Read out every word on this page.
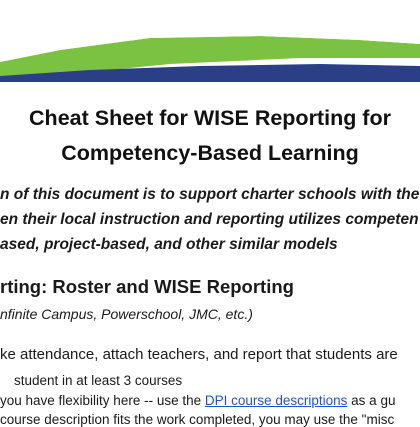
Cheat Sheet for WISE Reporting for
Competency-Based Learning
n of this document is to support charter schools with the
en their local instruction and reporting utilizes competen
ased, project-based, and other similar models
rting: Roster and WISE Reporting
nfinite Campus, Powerschool, JMC, etc.)
ke attendance, attach teachers, and report that students are
student in at least 3 courses
you have flexibility here -- use the DPI course descriptions as a gu
course description fits the work completed, you may use the "misc
